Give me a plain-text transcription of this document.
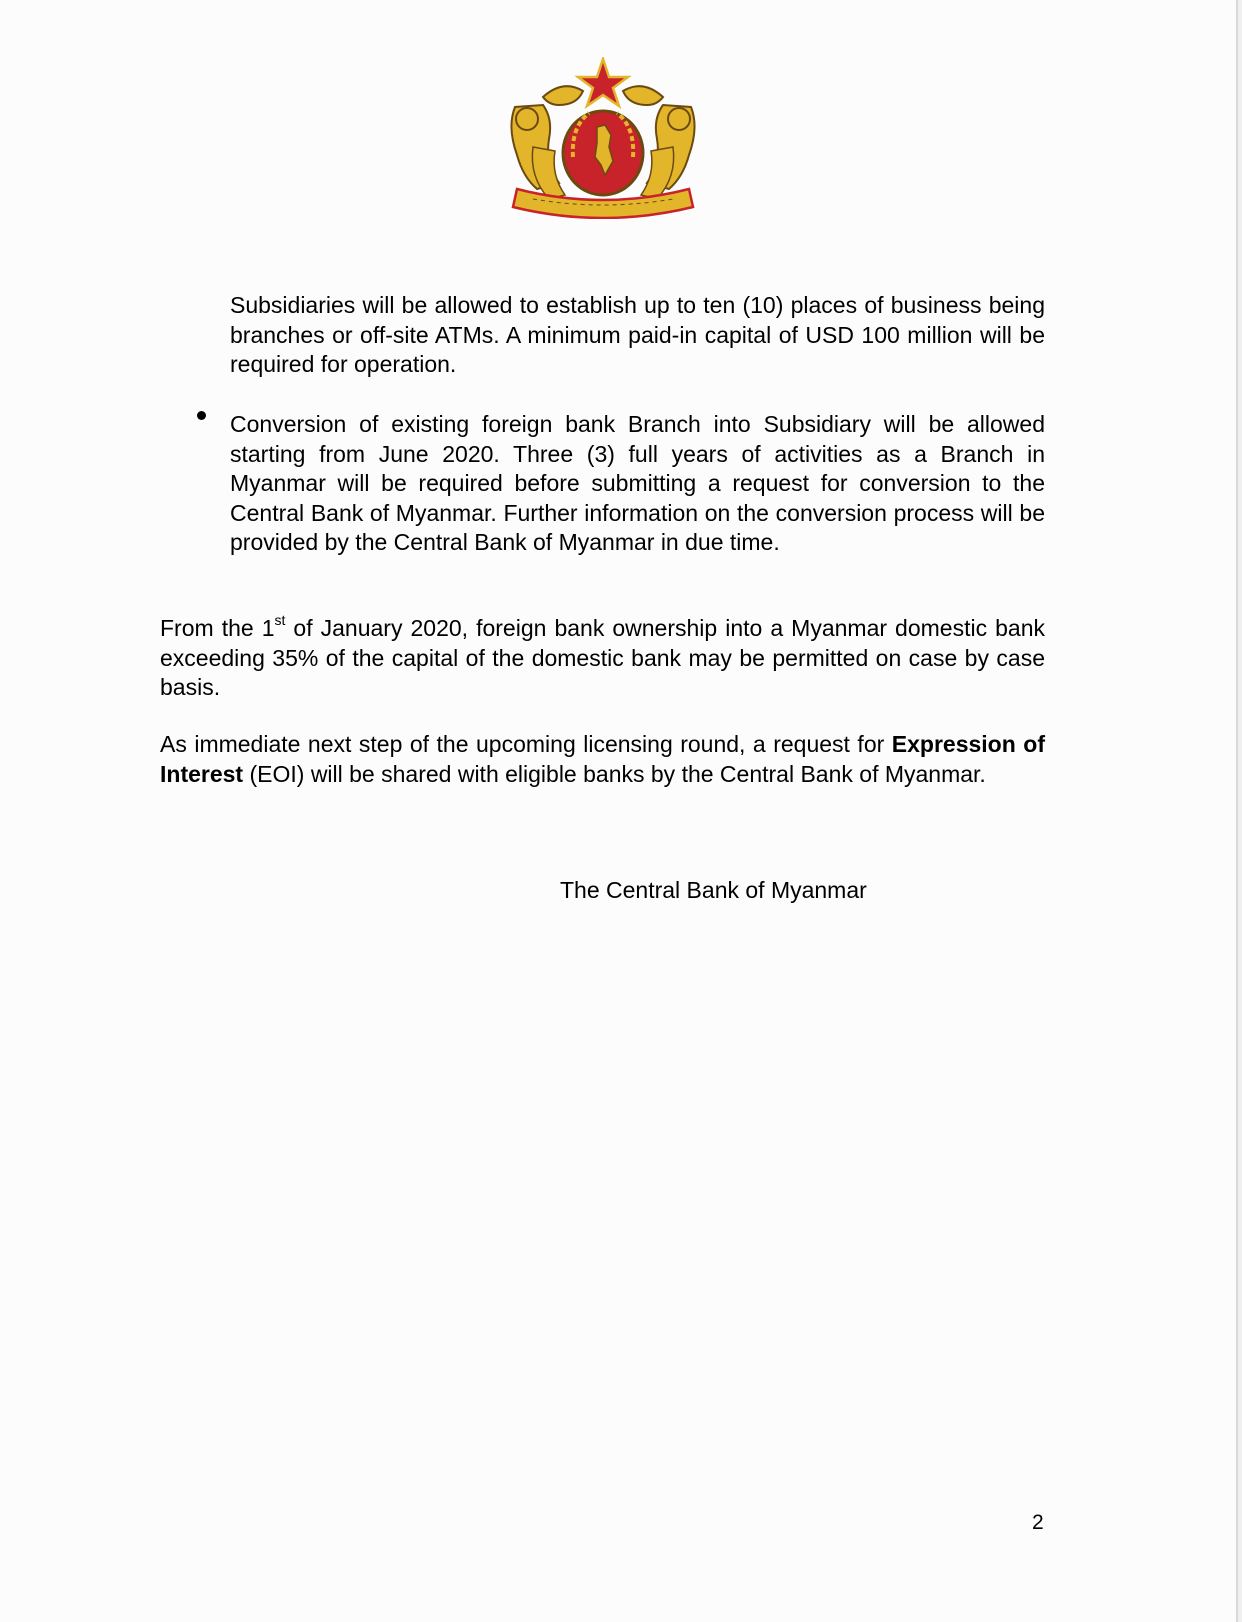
Subsidiaries will be allowed to establish up to ten (10) places of business being branches or off-site ATMs. A minimum paid-in capital of USD 100 million will be required for operation.

Conversion of existing foreign bank Branch into Subsidiary will be allowed starting from June 2020. Three (3) full years of activities as a Branch in Myanmar will be required before submitting a request for conversion to the Central Bank of Myanmar. Further information on the conversion process will be provided by the Central Bank of Myanmar in due time.

From the 1st of January 2020, foreign bank ownership into a Myanmar domestic bank exceeding 35% of the capital of the domestic bank may be permitted on case by case basis.

As immediate next step of the upcoming licensing round, a request for Expression of Interest (EOI) will be shared with eligible banks by the Central Bank of Myanmar.

The Central Bank of Myanmar

2
